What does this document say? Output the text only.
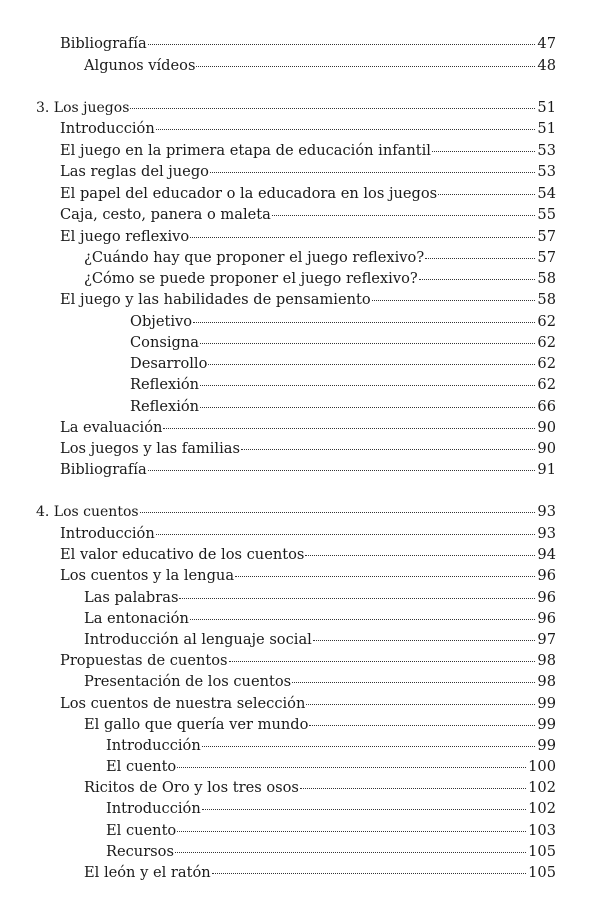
Bibliografía	47
Algunos vídeos	48
3. Los juegos	51
Introducción	51
El juego en la primera etapa de educación infantil	53
Las reglas del juego	53
El papel del educador o la educadora en los juegos	54
Caja, cesto, panera o maleta	55
El juego reflexivo	57
¿Cuándo hay que proponer el juego reflexivo?	57
¿Cómo se puede proponer el juego reflexivo?	58
El juego y las habilidades de pensamiento	58
Objetivo	62
Consigna	62
Desarrollo	62
Reflexión	62
Reflexión	66
La evaluación	90
Los juegos y las familias	90
Bibliografía	91
4. Los cuentos	93
Introducción	93
El valor educativo de los cuentos	94
Los cuentos y la lengua	96
Las palabras	96
La entonación	96
Introducción al lenguaje social	97
Propuestas de cuentos	98
Presentación de los cuentos	98
Los cuentos de nuestra selección	99
El gallo que quería ver mundo	99
Introducción	99
El cuento	100
Ricitos de Oro y los tres osos	102
Introducción	102
El cuento	103
Recursos	105
El león y el ratón	105
